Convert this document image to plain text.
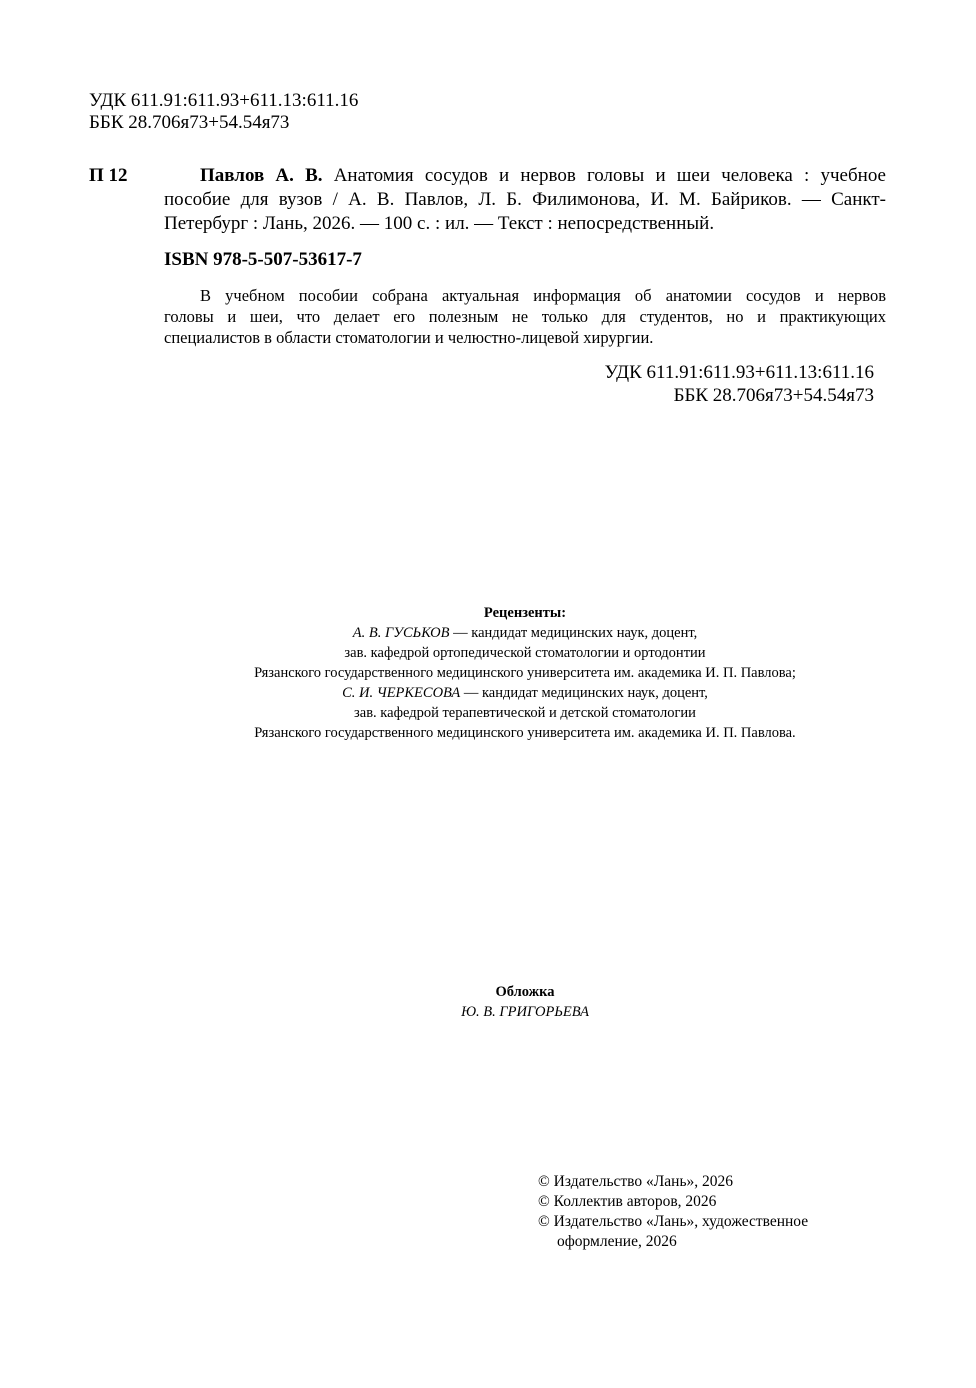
УДК 611.91:611.93+611.13:611.16
ББК 28.706я73+54.54я73
П 12	Павлов А. В. Анатомия сосудов и нервов головы и шеи человека : учебное
пособие для вузов / А. В. Павлов, Л. Б. Филимонова, И. М. Байриков. — Санкт-
Петербург : Лань, 2026. — 100 с. : ил. — Текст : непосредственный.
ISBN 978-5-507-53617-7
В учебном пособии собрана актуальная информация об анатомии сосудов и нервов
головы и шеи, что делает его полезным не только для студентов, но и практикующих
специалистов в области стоматологии и челюстно-лицевой хирургии.
УДК 611.91:611.93+611.13:611.16
ББК 28.706я73+54.54я73
Рецензенты:
А. В. ГУСЬКОВ — кандидат медицинских наук, доцент,
зав. кафедрой ортопедической стоматологии и ортодонтии
Рязанского государственного медицинского университета им. академика И. П. Павлова;
С. И. ЧЕРКЕСОВА — кандидат медицинских наук, доцент,
зав. кафедрой терапевтической и детской стоматологии
Рязанского государственного медицинского университета им. академика И. П. Павлова.
Обложка
Ю. В. ГРИГОРЬЕВА
© Издательство «Лань», 2026
© Коллектив авторов, 2026
© Издательство «Лань», художественное
оформление, 2026
